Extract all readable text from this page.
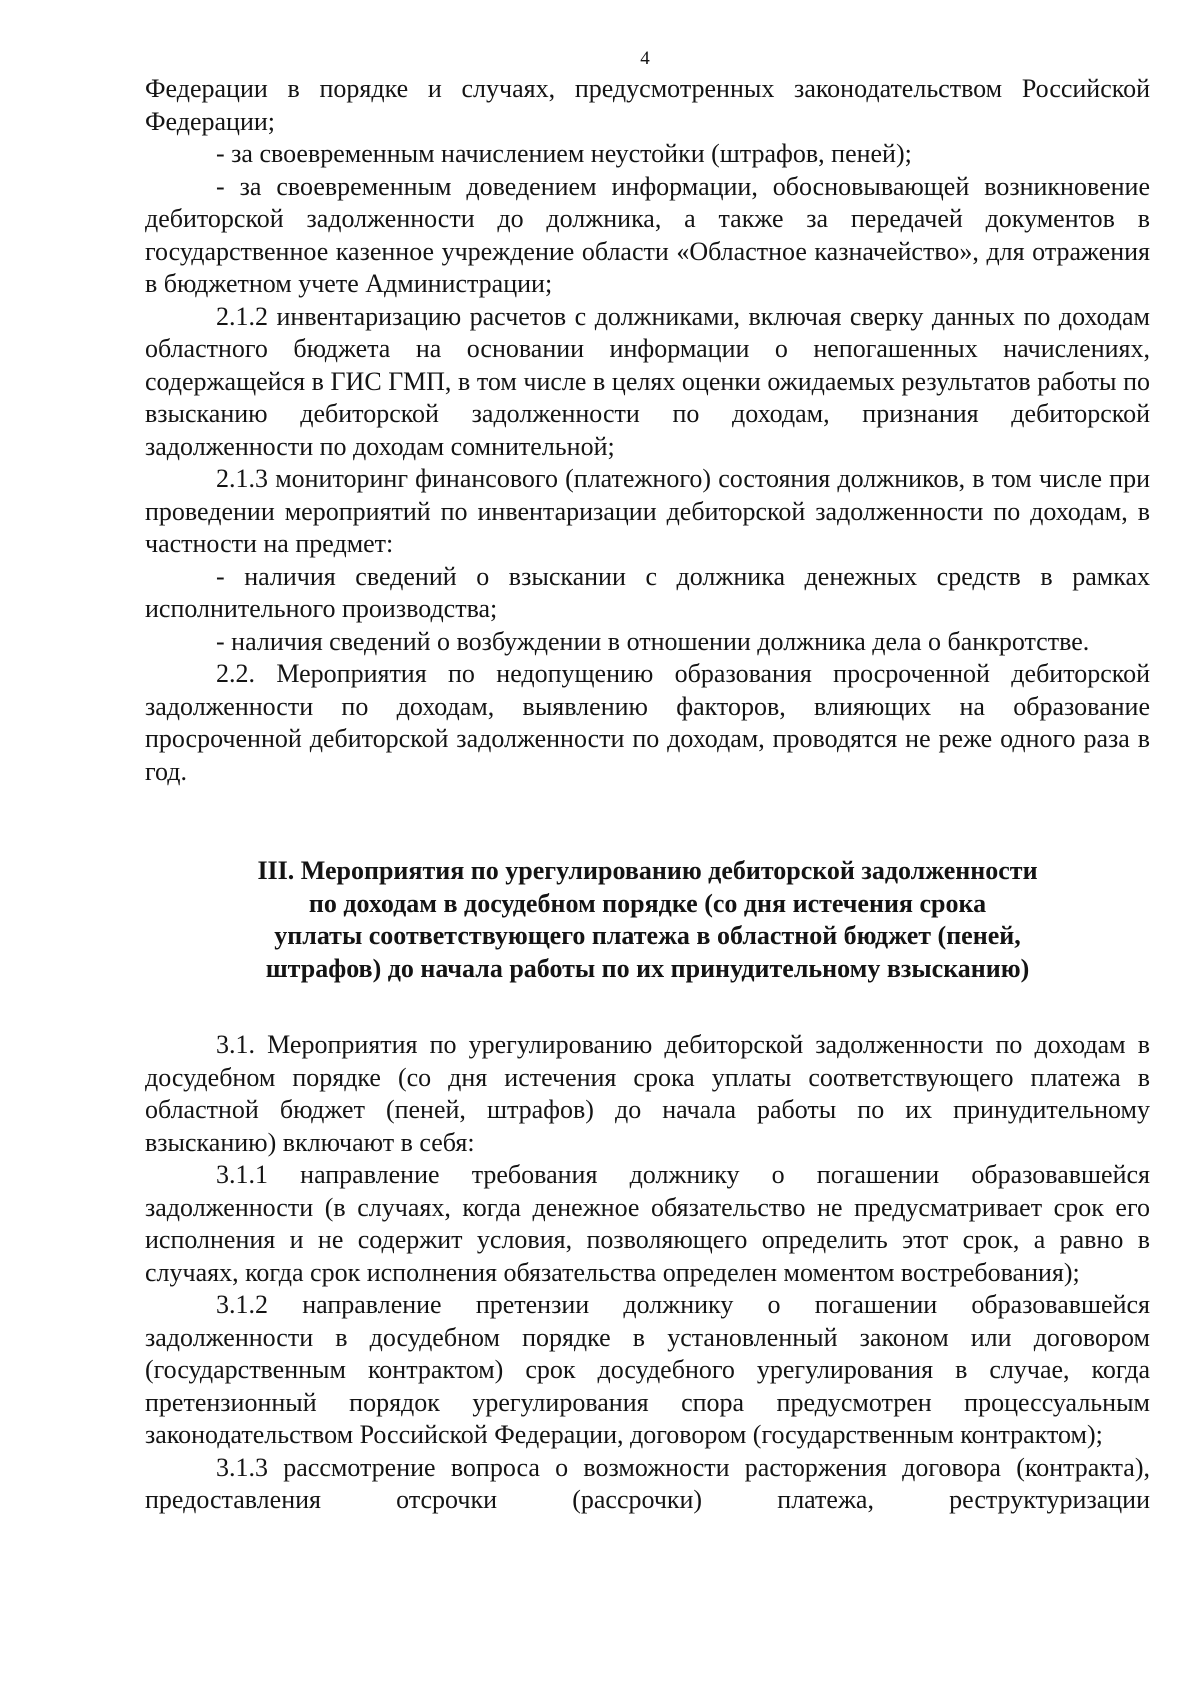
4

Федерации в порядке и случаях, предусмотренных законодательством Российской Федерации;

- за своевременным начислением неустойки (штрафов, пеней);

- за своевременным доведением информации, обосновывающей возникновение дебиторской задолженности до должника, а также за передачей документов в государственное казенное учреждение области «Областное казначейство», для отражения в бюджетном учете Администрации;

2.1.2 инвентаризацию расчетов с должниками, включая сверку данных по доходам областного бюджета на основании информации о непогашенных начислениях, содержащейся в ГИС ГМП, в том числе в целях оценки ожидаемых результатов работы по взысканию дебиторской задолженности по доходам, признания дебиторской задолженности по доходам сомнительной;

2.1.3 мониторинг финансового (платежного) состояния должников, в том числе при проведении мероприятий по инвентаризации дебиторской задолженности по доходам, в частности на предмет:

- наличия сведений о взыскании с должника денежных средств в рамках исполнительного производства;

- наличия сведений о возбуждении в отношении должника дела о банкротстве.

2.2. Мероприятия по недопущению образования просроченной дебиторской задолженности по доходам, выявлению факторов, влияющих на образование просроченной дебиторской задолженности по доходам, проводятся не реже одного раза в год.

III. Мероприятия по урегулированию дебиторской задолженности
по доходам в досудебном порядке (со дня истечения срока
уплаты соответствующего платежа в областной бюджет (пеней,
штрафов) до начала работы по их принудительному взысканию)

3.1. Мероприятия по урегулированию дебиторской задолженности по доходам в досудебном порядке (со дня истечения срока уплаты соответствующего платежа в областной бюджет (пеней, штрафов) до начала работы по их принудительному взысканию) включают в себя:

3.1.1 направление требования должнику о погашении образовавшейся задолженности (в случаях, когда денежное обязательство не предусматривает срок его исполнения и не содержит условия, позволяющего определить этот срок, а равно в случаях, когда срок исполнения обязательства определен моментом востребования);

3.1.2 направление претензии должнику о погашении образовавшейся задолженности в досудебном порядке в установленный законом или договором (государственным контрактом) срок досудебного урегулирования в случае, когда претензионный порядок урегулирования спора предусмотрен процессуальным законодательством Российской Федерации, договором (государственным контрактом);

3.1.3 рассмотрение вопроса о возможности расторжения договора (контракта), предоставления отсрочки (рассрочки) платежа, реструктуризации
